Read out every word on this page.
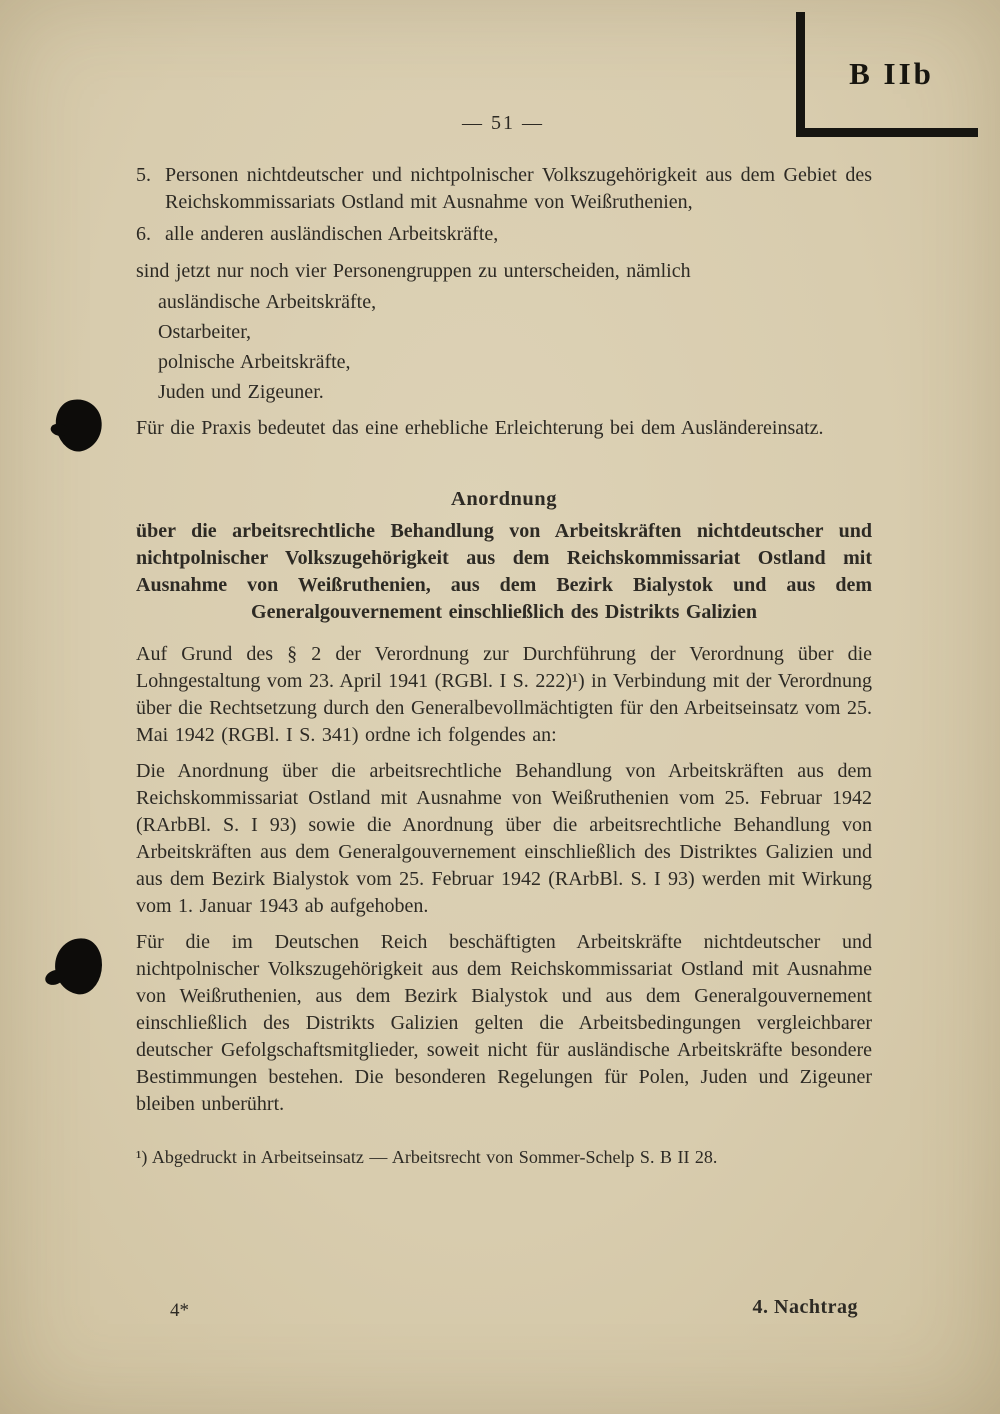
B IIb
— 51 —
5. Personen nichtdeutscher und nichtpolnischer Volkszugehörigkeit aus dem Gebiet des Reichskommissariats Ostland mit Ausnahme von Weißruthenien,
6. alle anderen ausländischen Arbeitskräfte,
sind jetzt nur noch vier Personengruppen zu unterscheiden, nämlich
ausländische Arbeitskräfte,
Ostarbeiter,
polnische Arbeitskräfte,
Juden und Zigeuner.
Für die Praxis bedeutet das eine erhebliche Erleichterung bei dem Ausländereinsatz.
Anordnung
über die arbeitsrechtliche Behandlung von Arbeitskräften nichtdeutscher und nichtpolnischer Volkszugehörigkeit aus dem Reichskommissariat Ostland mit Ausnahme von Weißruthenien, aus dem Bezirk Bialystok und aus dem Generalgouvernement einschließlich des Distrikts Galizien

Auf Grund des § 2 der Verordnung zur Durchführung der Verordnung über die Lohngestaltung vom 23. April 1941 (RGBl. I S. 222)¹) in Verbindung mit der Verordnung über die Rechtsetzung durch den Generalbevollmächtigten für den Arbeitseinsatz vom 25. Mai 1942 (RGBl. I S. 341) ordne ich folgendes an:

Die Anordnung über die arbeitsrechtliche Behandlung von Arbeitskräften aus dem Reichskommissariat Ostland mit Ausnahme von Weißruthenien vom 25. Februar 1942 (RArbBl. S. I 93) sowie die Anordnung über die arbeitsrechtliche Behandlung von Arbeitskräften aus dem Generalgouvernement einschließlich des Distriktes Galizien und aus dem Bezirk Bialystok vom 25. Februar 1942 (RArbBl. S. I 93) werden mit Wirkung vom 1. Januar 1943 ab aufgehoben.

Für die im Deutschen Reich beschäftigten Arbeitskräfte nichtdeutscher und nichtpolnischer Volkszugehörigkeit aus dem Reichskommissariat Ostland mit Ausnahme von Weißruthenien, aus dem Bezirk Bialystok und aus dem Generalgouvernement einschließlich des Distrikts Galizien gelten die Arbeitsbedingungen vergleichbarer deutscher Gefolgschaftsmitglieder, soweit nicht für ausländische Arbeitskräfte besondere Bestimmungen bestehen. Die besonderen Regelungen für Polen, Juden und Zigeuner bleiben unberührt.

¹) Abgedruckt in Arbeitseinsatz — Arbeitsrecht von Sommer-Schelp S. B II 28.
4*	4. Nachtrag
